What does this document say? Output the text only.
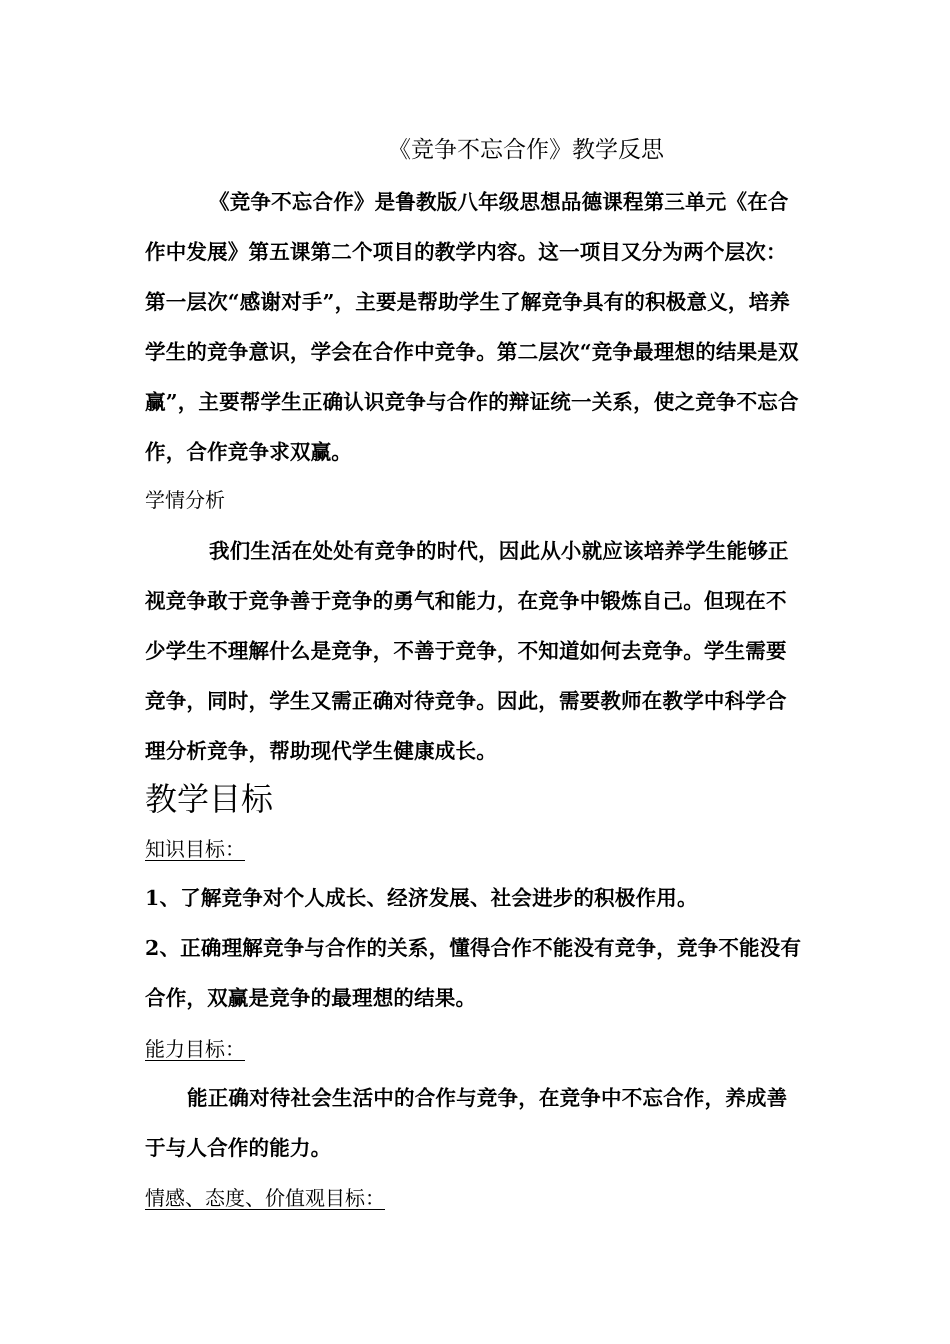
《竞争不忘合作》教学反思
《竞争不忘合作》是鲁教版八年级思想品德课程第三单元《在合作中发展》第五课第二个项目的教学内容。这一项目又分为两个层次：第一层次“感谢对手”，主要是帮助学生了解竞争具有的积极意义，培养学生的竞争意识，学会在合作中竞争。第二层次“竞争最理想的结果是双赢”，主要帮学生正确认识竞争与合作的辩证统一关系，使之竞争不忘合作，合作竞争求双赢。
学情分析
我们生活在处处有竞争的时代，因此从小就应该培养学生能够正视竞争敢于竞争善于竞争的勇气和能力，在竞争中锻炼自己。但现在不少学生不理解什么是竞争，不善于竞争，不知道如何去竞争。学生需要竞争，同时，学生又需正确对待竞争。因此，需要教师在教学中科学合理分析竞争，帮助现代学生健康成长。
教学目标
知识目标：
1、了解竞争对个人成长、经济发展、社会进步的积极作用。
2、正确理解竞争与合作的关系，懂得合作不能没有竞争，竞争不能没有合作，双赢是竞争的最理想的结果。
能力目标：
能正确对待社会生活中的合作与竞争，在竞争中不忘合作，养成善于与人合作的能力。
情感、态度、价值观目标：
